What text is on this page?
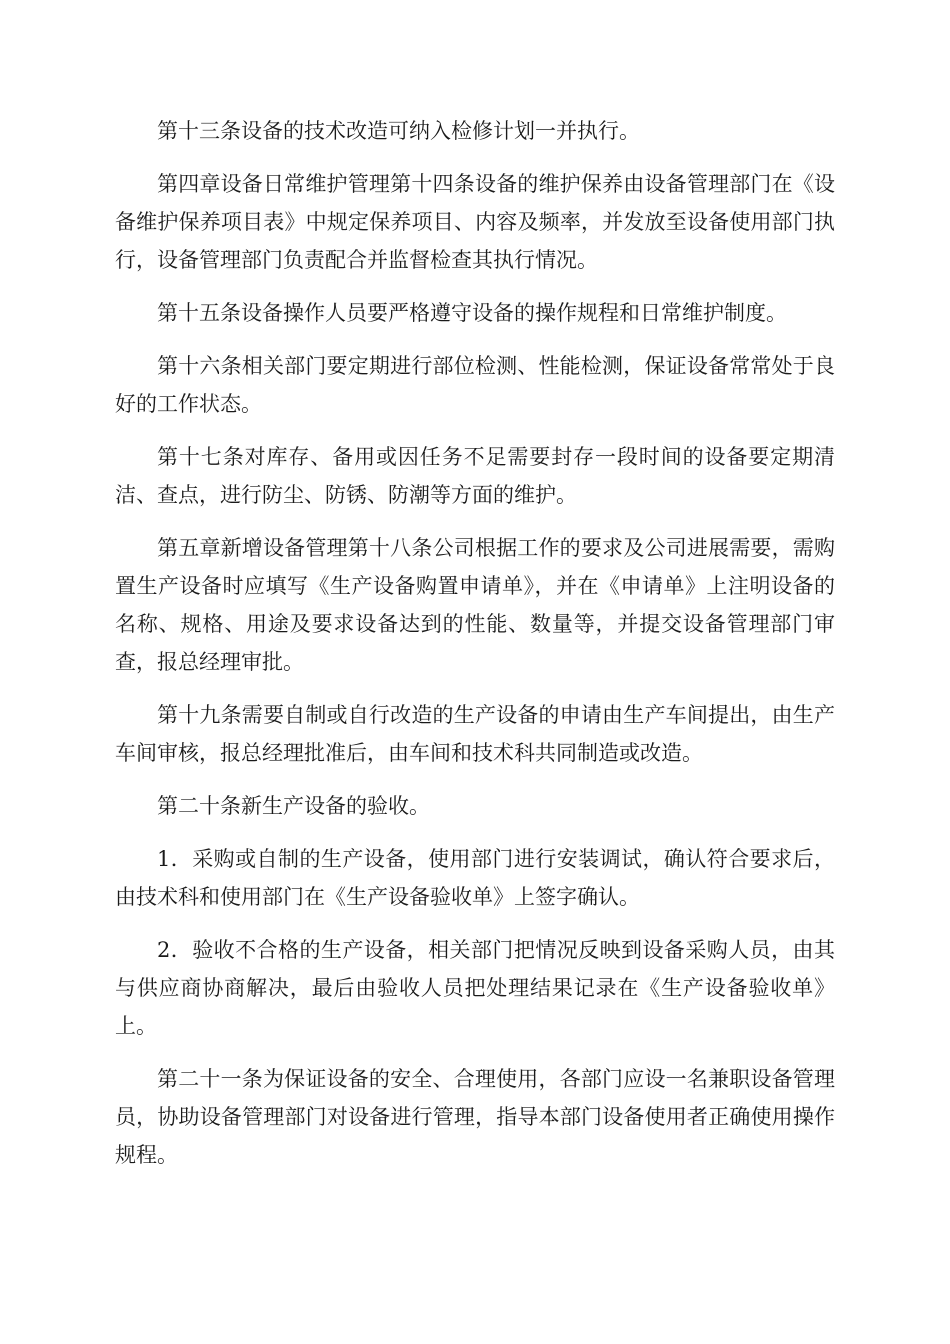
第十三条设备的技术改造可纳入检修计划一并执行。

第四章设备日常维护管理第十四条设备的维护保养由设备管理部门在《设备维护保养项目表》中规定保养项目、内容及频率，并发放至设备使用部门执行，设备管理部门负责配合并监督检查其执行情况。

第十五条设备操作人员要严格遵守设备的操作规程和日常维护制度。

第十六条相关部门要定期进行部位检测、性能检测，保证设备常常处于良好的工作状态。

第十七条对库存、备用或因任务不足需要封存一段时间的设备要定期清洁、查点，进行防尘、防锈、防潮等方面的维护。

第五章新增设备管理第十八条公司根据工作的要求及公司进展需要，需购置生产设备时应填写《生产设备购置申请单》，并在《申请单》上注明设备的名称、规格、用途及要求设备达到的性能、数量等，并提交设备管理部门审查，报总经理审批。

第十九条需要自制或自行改造的生产设备的申请由生产车间提出，由生产车间审核，报总经理批准后，由车间和技术科共同制造或改造。

第二十条新生产设备的验收。

1．采购或自制的生产设备，使用部门进行安装调试，确认符合要求后，由技术科和使用部门在《生产设备验收单》上签字确认。

2．验收不合格的生产设备，相关部门把情况反映到设备采购人员，由其与供应商协商解决，最后由验收人员把处理结果记录在《生产设备验收单》上。

第二十一条为保证设备的安全、合理使用，各部门应设一名兼职设备管理员，协助设备管理部门对设备进行管理，指导本部门设备使用者正确使用操作规程。
